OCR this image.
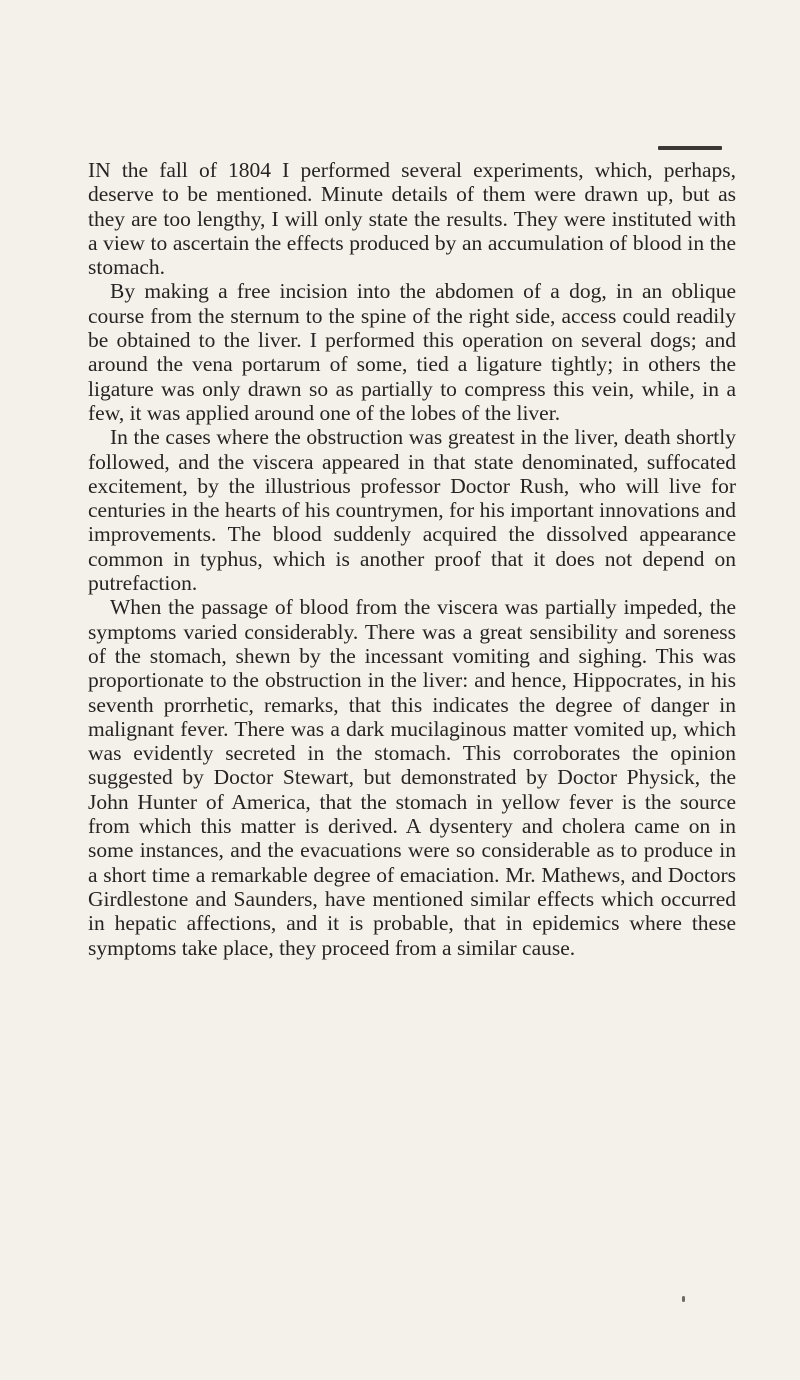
IN the fall of 1804 I performed several experiments, which, perhaps, deserve to be mentioned. Minute details of them were drawn up, but as they are too lengthy, I will only state the results. They were instituted with a view to ascertain the effects produced by an accumulation of blood in the stomach.

By making a free incision into the abdomen of a dog, in an oblique course from the sternum to the spine of the right side, access could readily be obtained to the liver. I performed this operation on several dogs; and around the vena portarum of some, tied a ligature tightly; in others the ligature was only drawn so as partially to compress this vein, while, in a few, it was applied around one of the lobes of the liver.

In the cases where the obstruction was greatest in the liver, death shortly followed, and the viscera appeared in that state denominated, suffocated excitement, by the illustrious professor Doctor Rush, who will live for centuries in the hearts of his countrymen, for his important innovations and improvements. The blood suddenly acquired the dissolved appearance common in typhus, which is another proof that it does not depend on putrefaction.

When the passage of blood from the viscera was partially impeded, the symptoms varied considerably. There was a great sensibility and soreness of the stomach, shewn by the incessant vomiting and sighing. This was proportionate to the obstruction in the liver: and hence, Hippocrates, in his seventh prorrhetic, remarks, that this indicates the degree of danger in malignant fever. There was a dark mucilaginous matter vomited up, which was evidently secreted in the stomach. This corroborates the opinion suggested by Doctor Stewart, but demonstrated by Doctor Physick, the John Hunter of America, that the stomach in yellow fever is the source from which this matter is derived. A dysentery and cholera came on in some instances, and the evacuations were so considerable as to produce in a short time a remarkable degree of emaciation. Mr. Mathews, and Doctors Girdlestone and Saunders, have mentioned similar effects which occurred in hepatic affections, and it is probable, that in epidemics where these symptoms take place, they proceed from a similar cause.
